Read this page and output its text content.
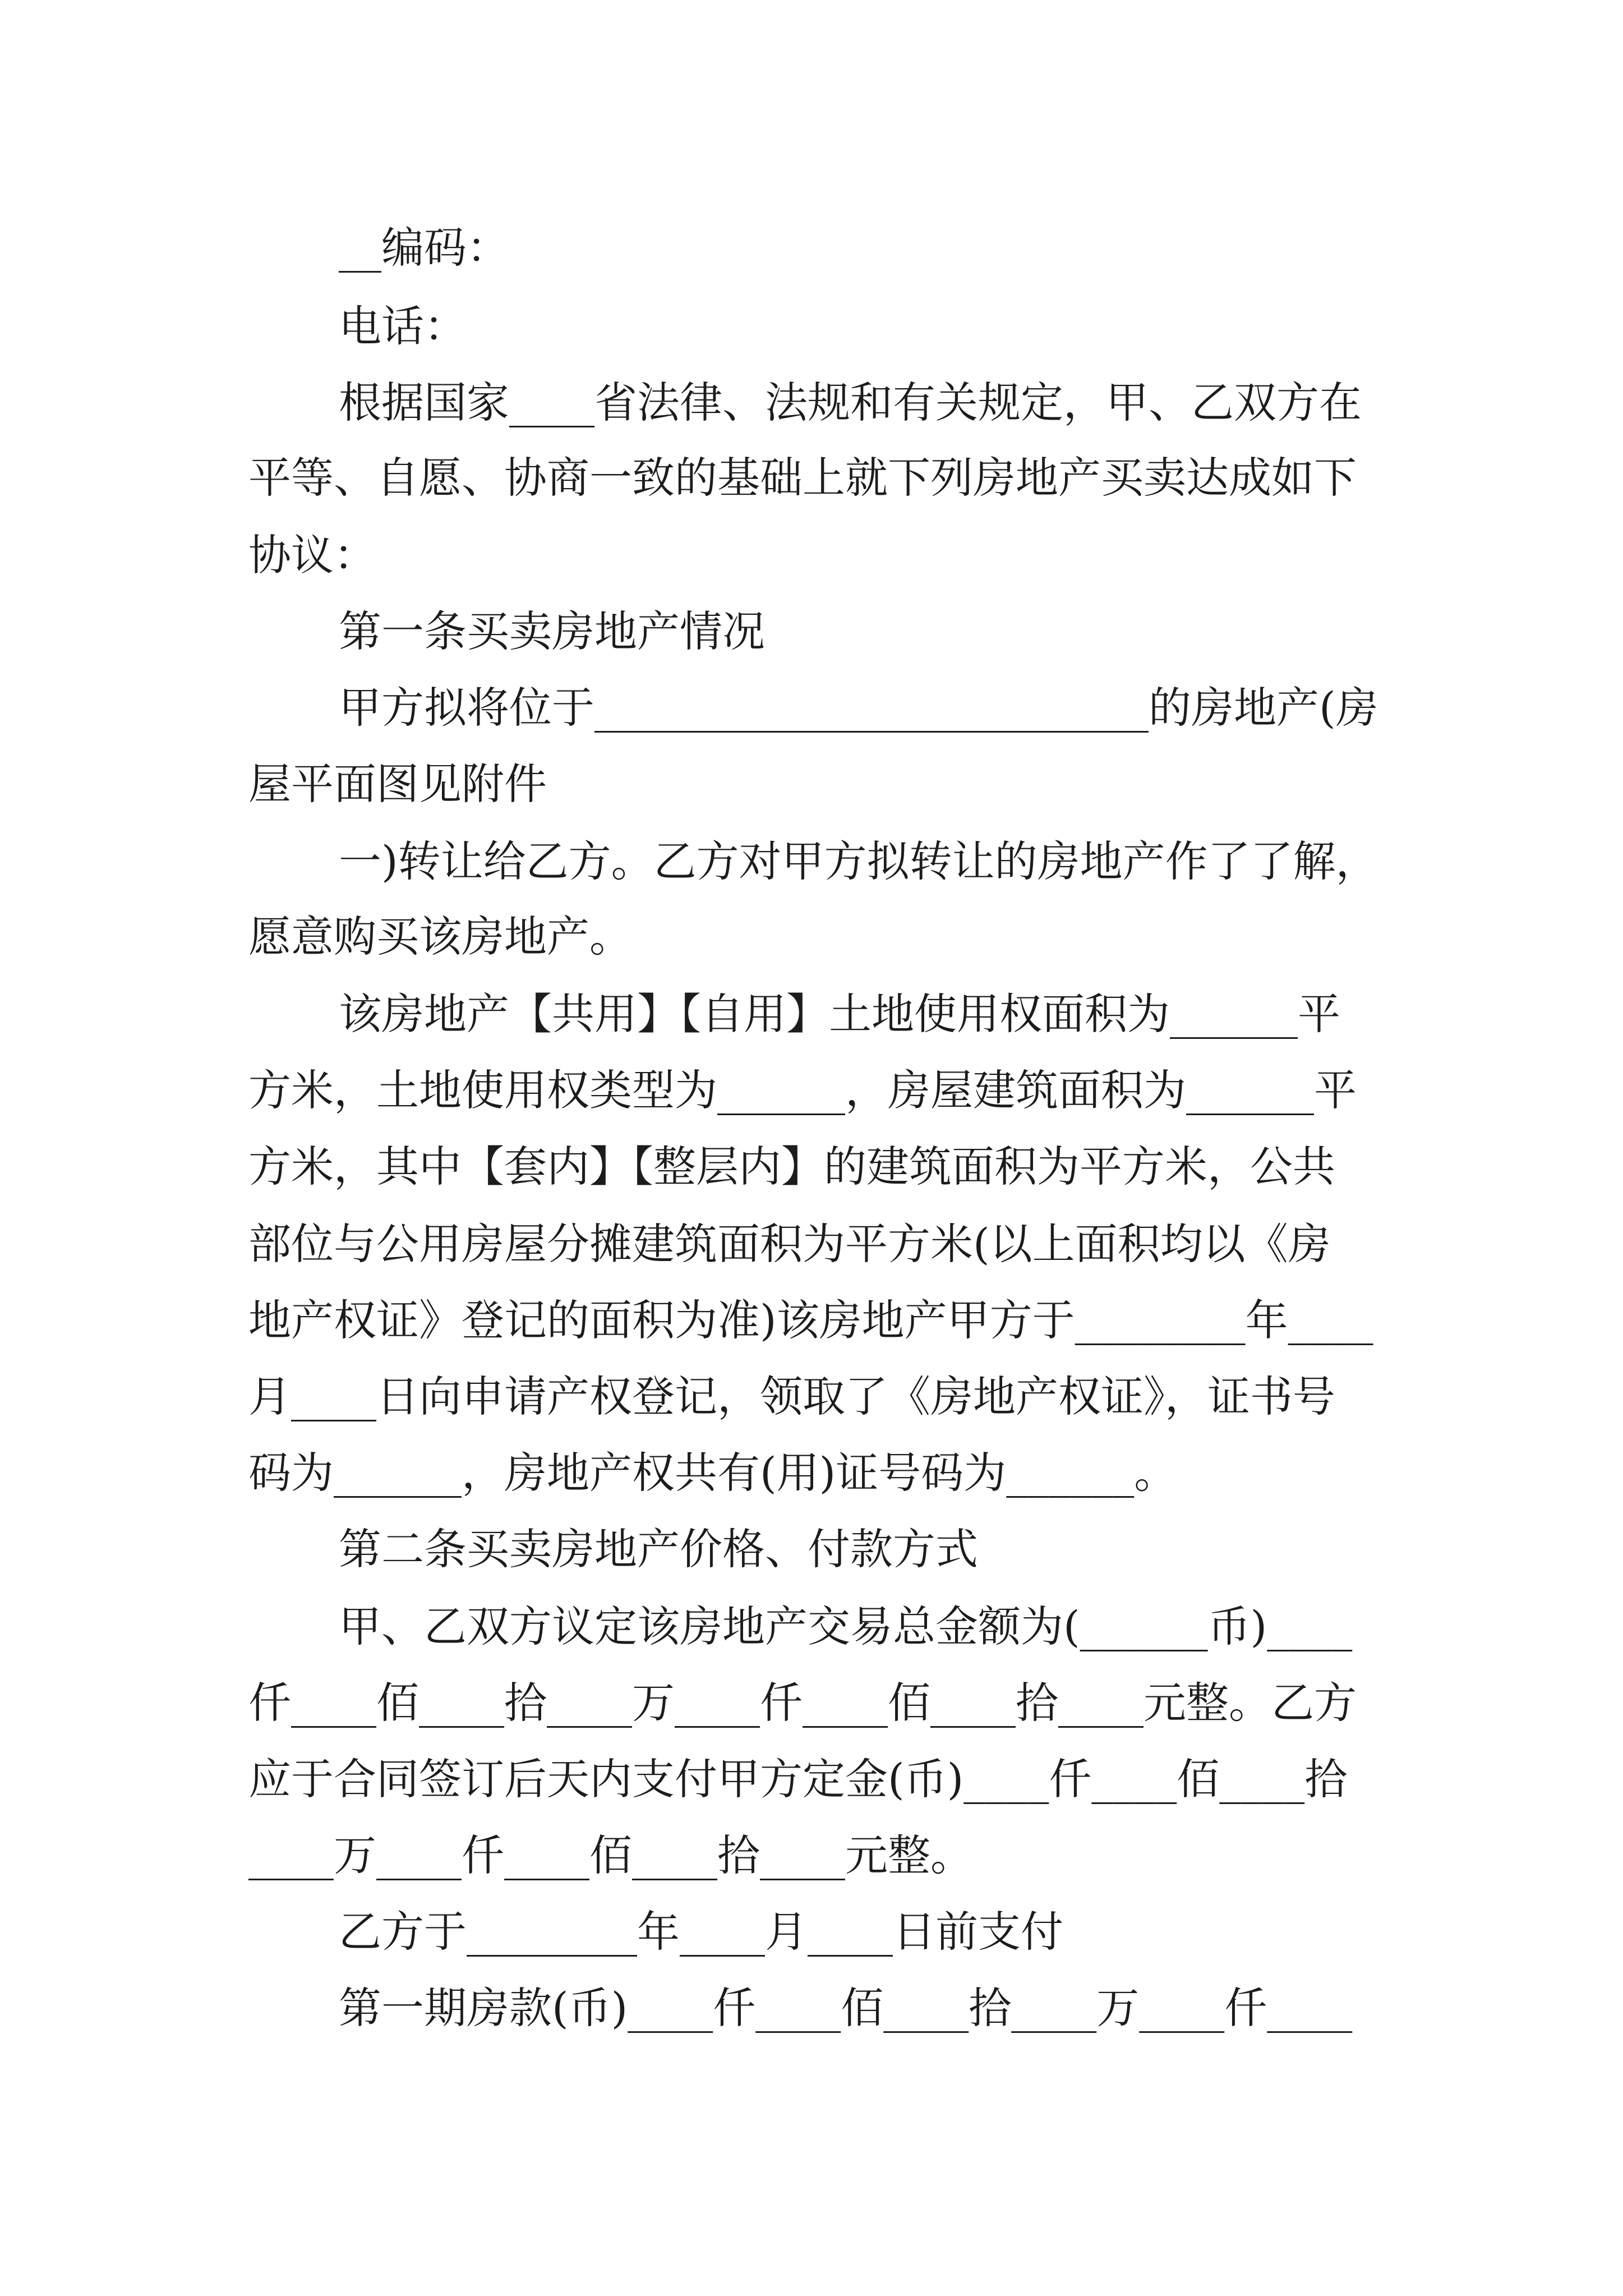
__编码：
电话：
根据国家____省法律、法规和有关规定，甲、乙双方在
平等、自愿、协商一致的基础上就下列房地产买卖达成如下
协议：
第一条买卖房地产情况
甲方拟将位于__________________________的房地产(房
屋平面图见附件
一)转让给乙方。乙方对甲方拟转让的房地产作了了解，
愿意购买该房地产。
该房地产【共用】【自用】土地使用权面积为______平
方米，土地使用权类型为______，房屋建筑面积为______平
方米，其中【套内】【整层内】的建筑面积为平方米，公共
部位与公用房屋分摊建筑面积为平方米(以上面积均以《房
地产权证》登记的面积为准)该房地产甲方于________年____
月____日向申请产权登记，领取了《房地产权证》，证书号
码为______，房地产权共有(用)证号码为______。
第二条买卖房地产价格、付款方式
甲、乙双方议定该房地产交易总金额为(______币)____
仟____佰____拾____万____仟____佰____拾____元整。乙方
应于合同签订后天内支付甲方定金(币)____仟____佰____拾
____万____仟____佰____拾____元整。
乙方于________年____月____日前支付
第一期房款(币)____仟____佰____拾____万____仟____
